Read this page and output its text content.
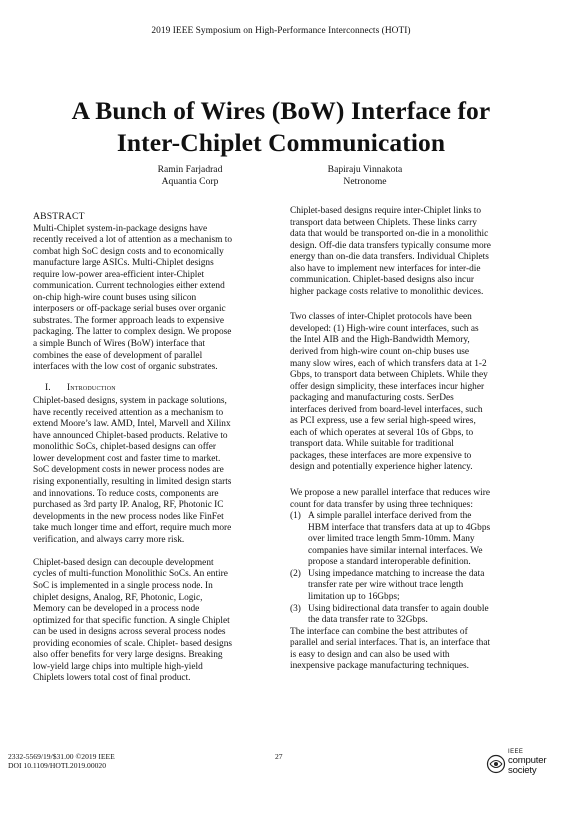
2019 IEEE Symposium on High-Performance Interconnects (HOTI)
A Bunch of Wires (BoW) Interface for
Inter-Chiplet Communication
Ramin Farjadrad
Aquantia Corp
Bapiraju Vinnakota
Netronome
ABSTRACT
Multi-Chiplet system-in-package designs have
recently received a lot of attention as a mechanism to
combat high SoC design costs and to economically
manufacture large ASICs. Multi-Chiplet designs
require low-power area-efficient inter-Chiplet
communication. Current technologies either extend
on-chip high-wire count buses using silicon
interposers or off-package serial buses over organic
substrates. The former approach leads to expensive
packaging. The latter to complex design. We propose
a simple Bunch of Wires (BoW) interface that
combines the ease of development of parallel
interfaces with the low cost of organic substrates.
I. Introduction
Chiplet-based designs, system in package solutions,
have recently received attention as a mechanism to
extend Moore’s law. AMD, Intel, Marvell and Xilinx
have announced Chiplet-based products. Relative to
monolithic SoCs, chiplet-based designs can offer
lower development cost and faster time to market.
SoC development costs in newer process nodes are
rising exponentially, resulting in limited design starts
and innovations. To reduce costs, components are
purchased as 3rd party IP. Analog, RF, Photonic IC
developments in the new process nodes like FinFet
take much longer time and effort, require much more
verification, and always carry more risk.
Chiplet-based design can decouple development
cycles of multi-function Monolithic SoCs. An entire
SoC is implemented in a single process node. In
chiplet designs, Analog, RF, Photonic, Logic,
Memory can be developed in a process node
optimized for that specific function. A single Chiplet
can be used in designs across several process nodes
providing economies of scale. Chiplet- based designs
also offer benefits for very large designs. Breaking
low-yield large chips into multiple high-yield
Chiplets lowers total cost of final product.
Chiplet-based designs require inter-Chiplet links to
transport data between Chiplets. These links carry
data that would be transported on-die in a monolithic
design. Off-die data transfers typically consume more
energy than on-die data transfers. Individual Chiplets
also have to implement new interfaces for inter-die
communication. Chiplet-based designs also incur
higher package costs relative to monolithic devices.
Two classes of inter-Chiplet protocols have been
developed: (1) High-wire count interfaces, such as
the Intel AIB and the High-Bandwidth Memory,
derived from high-wire count on-chip buses use
many slow wires, each of which transfers data at 1-2
Gbps, to transport data between Chiplets. While they
offer design simplicity, these interfaces incur higher
packaging and manufacturing costs. SerDes
interfaces derived from board-level interfaces, such
as PCI express, use a few serial high-speed wires,
each of which operates at several 10s of Gbps, to
transport data. While suitable for traditional
packages, these interfaces are more expensive to
design and potentially experience higher latency.
We propose a new parallel interface that reduces wire
count for data transfer by using three techniques:
(1) A simple parallel interface derived from the
HBM interface that transfers data at up to 4Gbps
over limited trace length 5mm-10mm. Many
companies have similar internal interfaces. We
propose a standard interoperable definition.
(2) Using impedance matching to increase the data
transfer rate per wire without trace length
limitation up to 16Gbps;
(3) Using bidirectional data transfer to again double
the data transfer rate to 32Gbps.
The interface can combine the best attributes of
parallel and serial interfaces. That is, an interface that
is easy to design and can also be used with
inexpensive package manufacturing techniques.
2332-5569/19/$31.00 ©2019 IEEE
DOI 10.1109/HOTI.2019.00020
27	IEEE
computer
society
